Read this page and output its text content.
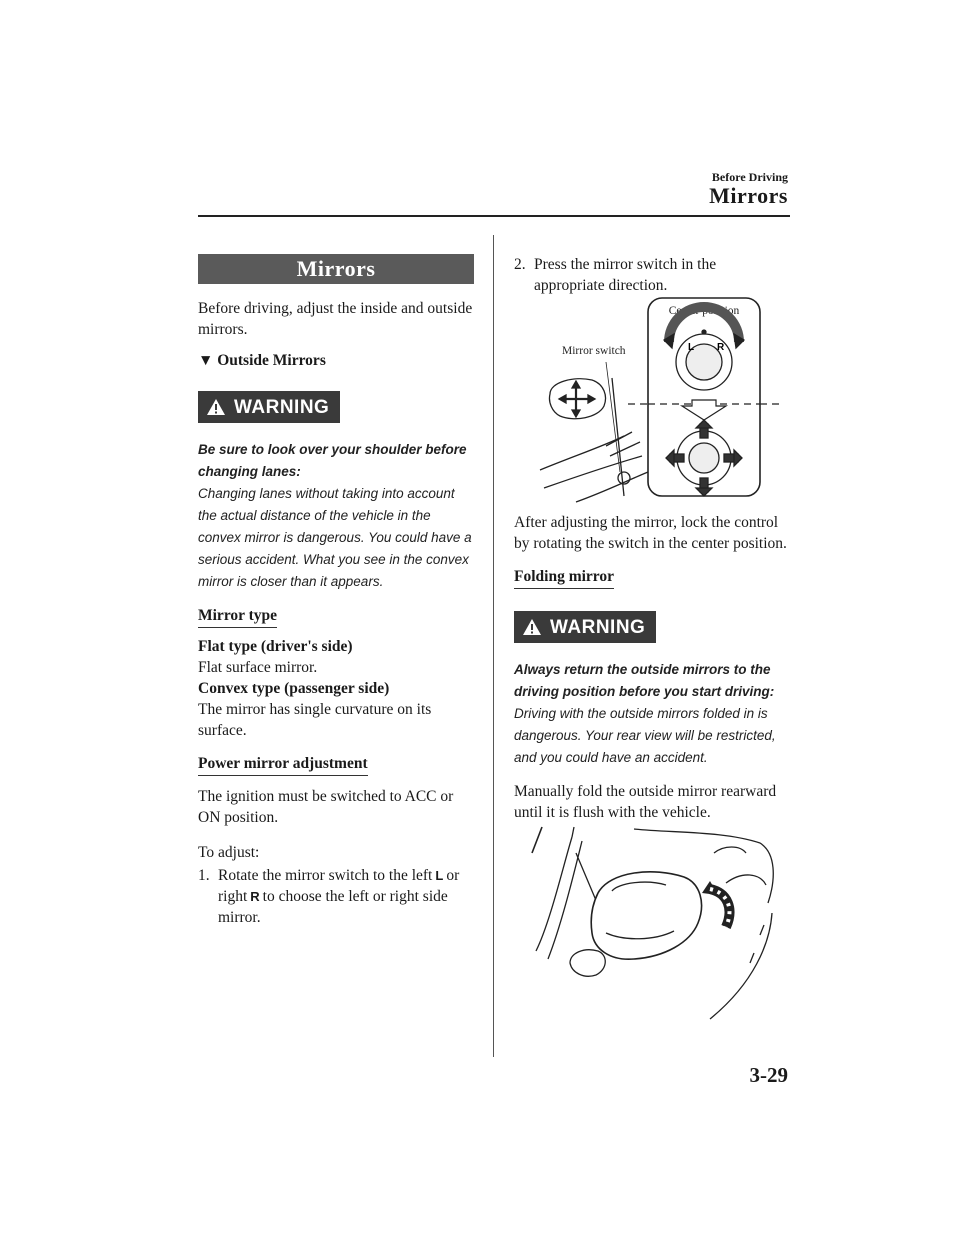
Before Driving
Mirrors
Mirrors

Before driving, adjust the inside and outside mirrors.

▼ Outside Mirrors
WARNING
Be sure to look over your shoulder before changing lanes:
Changing lanes without taking into account the actual distance of the vehicle in the convex mirror is dangerous. You could have a serious accident. What you see in the convex mirror is closer than it appears.
Mirror type

Flat type (driver's side)

Flat surface mirror.

Convex type (passenger side)

The mirror has single curvature on its surface.

Power mirror adjustment

The ignition must be switched to ACC or ON position.

To adjust:

1. Rotate the mirror switch to the left L or right R to choose the left or right side mirror.
2. Press the mirror switch in the appropriate direction.
Mirror switch
Center position
L R

After adjusting the mirror, lock the control by rotating the switch in the center position.

Folding mirror
WARNING
Always return the outside mirrors to the driving position before you start driving:
Driving with the outside mirrors folded in is dangerous. Your rear view will be restricted, and you could have an accident.

Manually fold the outside mirror rearward until it is flush with the vehicle.

3-29
